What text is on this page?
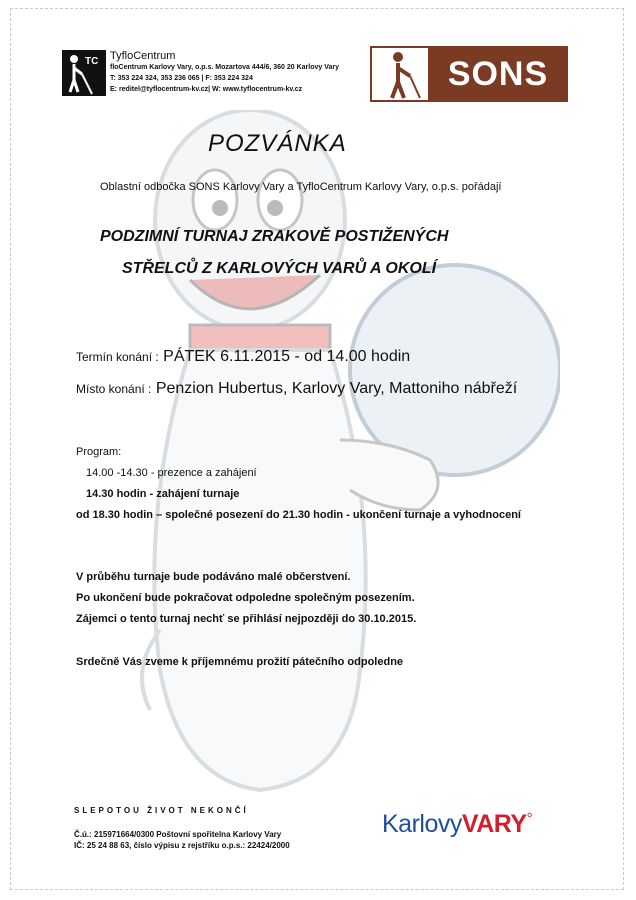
TC TyfloCentrum
floCentrum Karlovy Vary, o.p.s. Mozartova 444/6, 360 20 Karlovy Vary
T: 353 224 324, 353 236 065 | F: 353 224 324
E: reditel@tyflocentrum-kv.cz| W: www.tyflocentrum-kv.cz	SONS
POZVÁNKA
Oblastní odbočka SONS Karlovy Vary a TyfloCentrum Karlovy Vary, o.p.s. pořádají
PODZIMNÍ TURNAJ ZRAKOVĚ POSTIŽENÝCH
STŘELCŮ Z KARLOVÝCH VARŮ A OKOLÍ
Termín konání : PÁTEK 6.11.2015 - od 14.00 hodin
Místo konání : Penzion Hubertus, Karlovy Vary, Mattoniho nábřeží
Program:
14.00 -14.30 - prezence a zahájení
14.30 hodin - zahájení turnaje
od 18.30 hodin – společné posezení do 21.30 hodin - ukončení turnaje a vyhodnocení
V průběhu turnaje bude podáváno malé občerstvení.
Po ukončení bude pokračovat odpoledne společným posezením.
Zájemci o tento turnaj nechť se přihlásí nejpozději do 30.10.2015.
Srdečně Vás zveme k příjemnému prožití pátečního odpoledne
SLEPOTOU ŽIVOT NEKONČÍ
Č.ú.: 215971664/0300 Poštovní spořitelna Karlovy Vary
IČ: 25 24 88 63, číslo výpisu z rejstříku o.p.s.: 22424/2000
KarlovyVARY°
